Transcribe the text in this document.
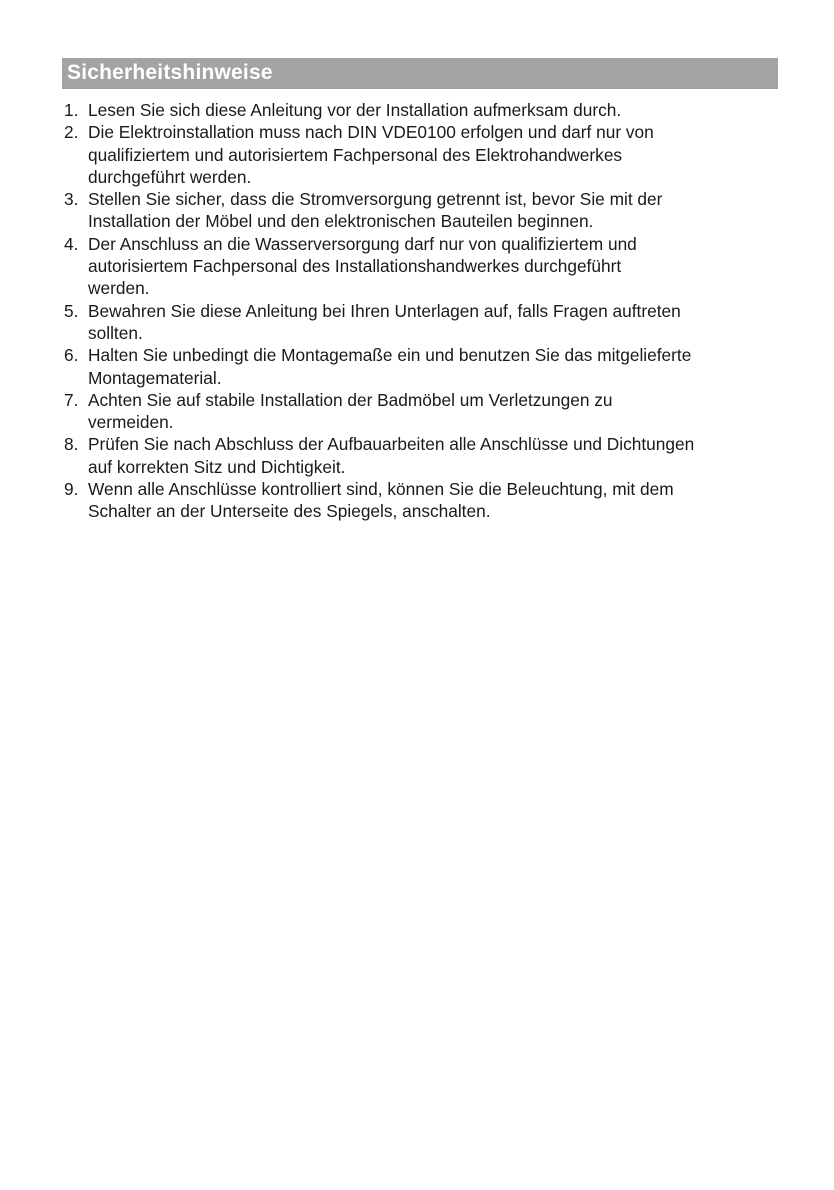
Sicherheitshinweise
1. Lesen Sie sich diese Anleitung vor der Installation aufmerksam durch.
2. Die Elektroinstallation muss nach DIN VDE0100 erfolgen und darf nur von
qualifiziertem und autorisiertem Fachpersonal des Elektrohandwerkes
durchgeführt werden.
3. Stellen Sie sicher, dass die Stromversorgung getrennt ist, bevor Sie mit der
Installation der Möbel und den elektronischen Bauteilen beginnen.
4. Der Anschluss an die Wasserversorgung darf nur von qualifiziertem und
autorisiertem Fachpersonal des Installationshandwerkes durchgeführt
werden.
5. Bewahren Sie diese Anleitung bei Ihren Unterlagen auf, falls Fragen auftreten
sollten.
6. Halten Sie unbedingt die Montagemaße ein und benutzen Sie das mitgelieferte
Montagematerial.
7. Achten Sie auf stabile Installation der Badmöbel um Verletzungen zu
vermeiden.
8. Prüfen Sie nach Abschluss der Aufbauarbeiten alle Anschlüsse und Dichtungen
auf korrekten Sitz und Dichtigkeit.
9. Wenn alle Anschlüsse kontrolliert sind, können Sie die Beleuchtung, mit dem
Schalter an der Unterseite des Spiegels, anschalten.
